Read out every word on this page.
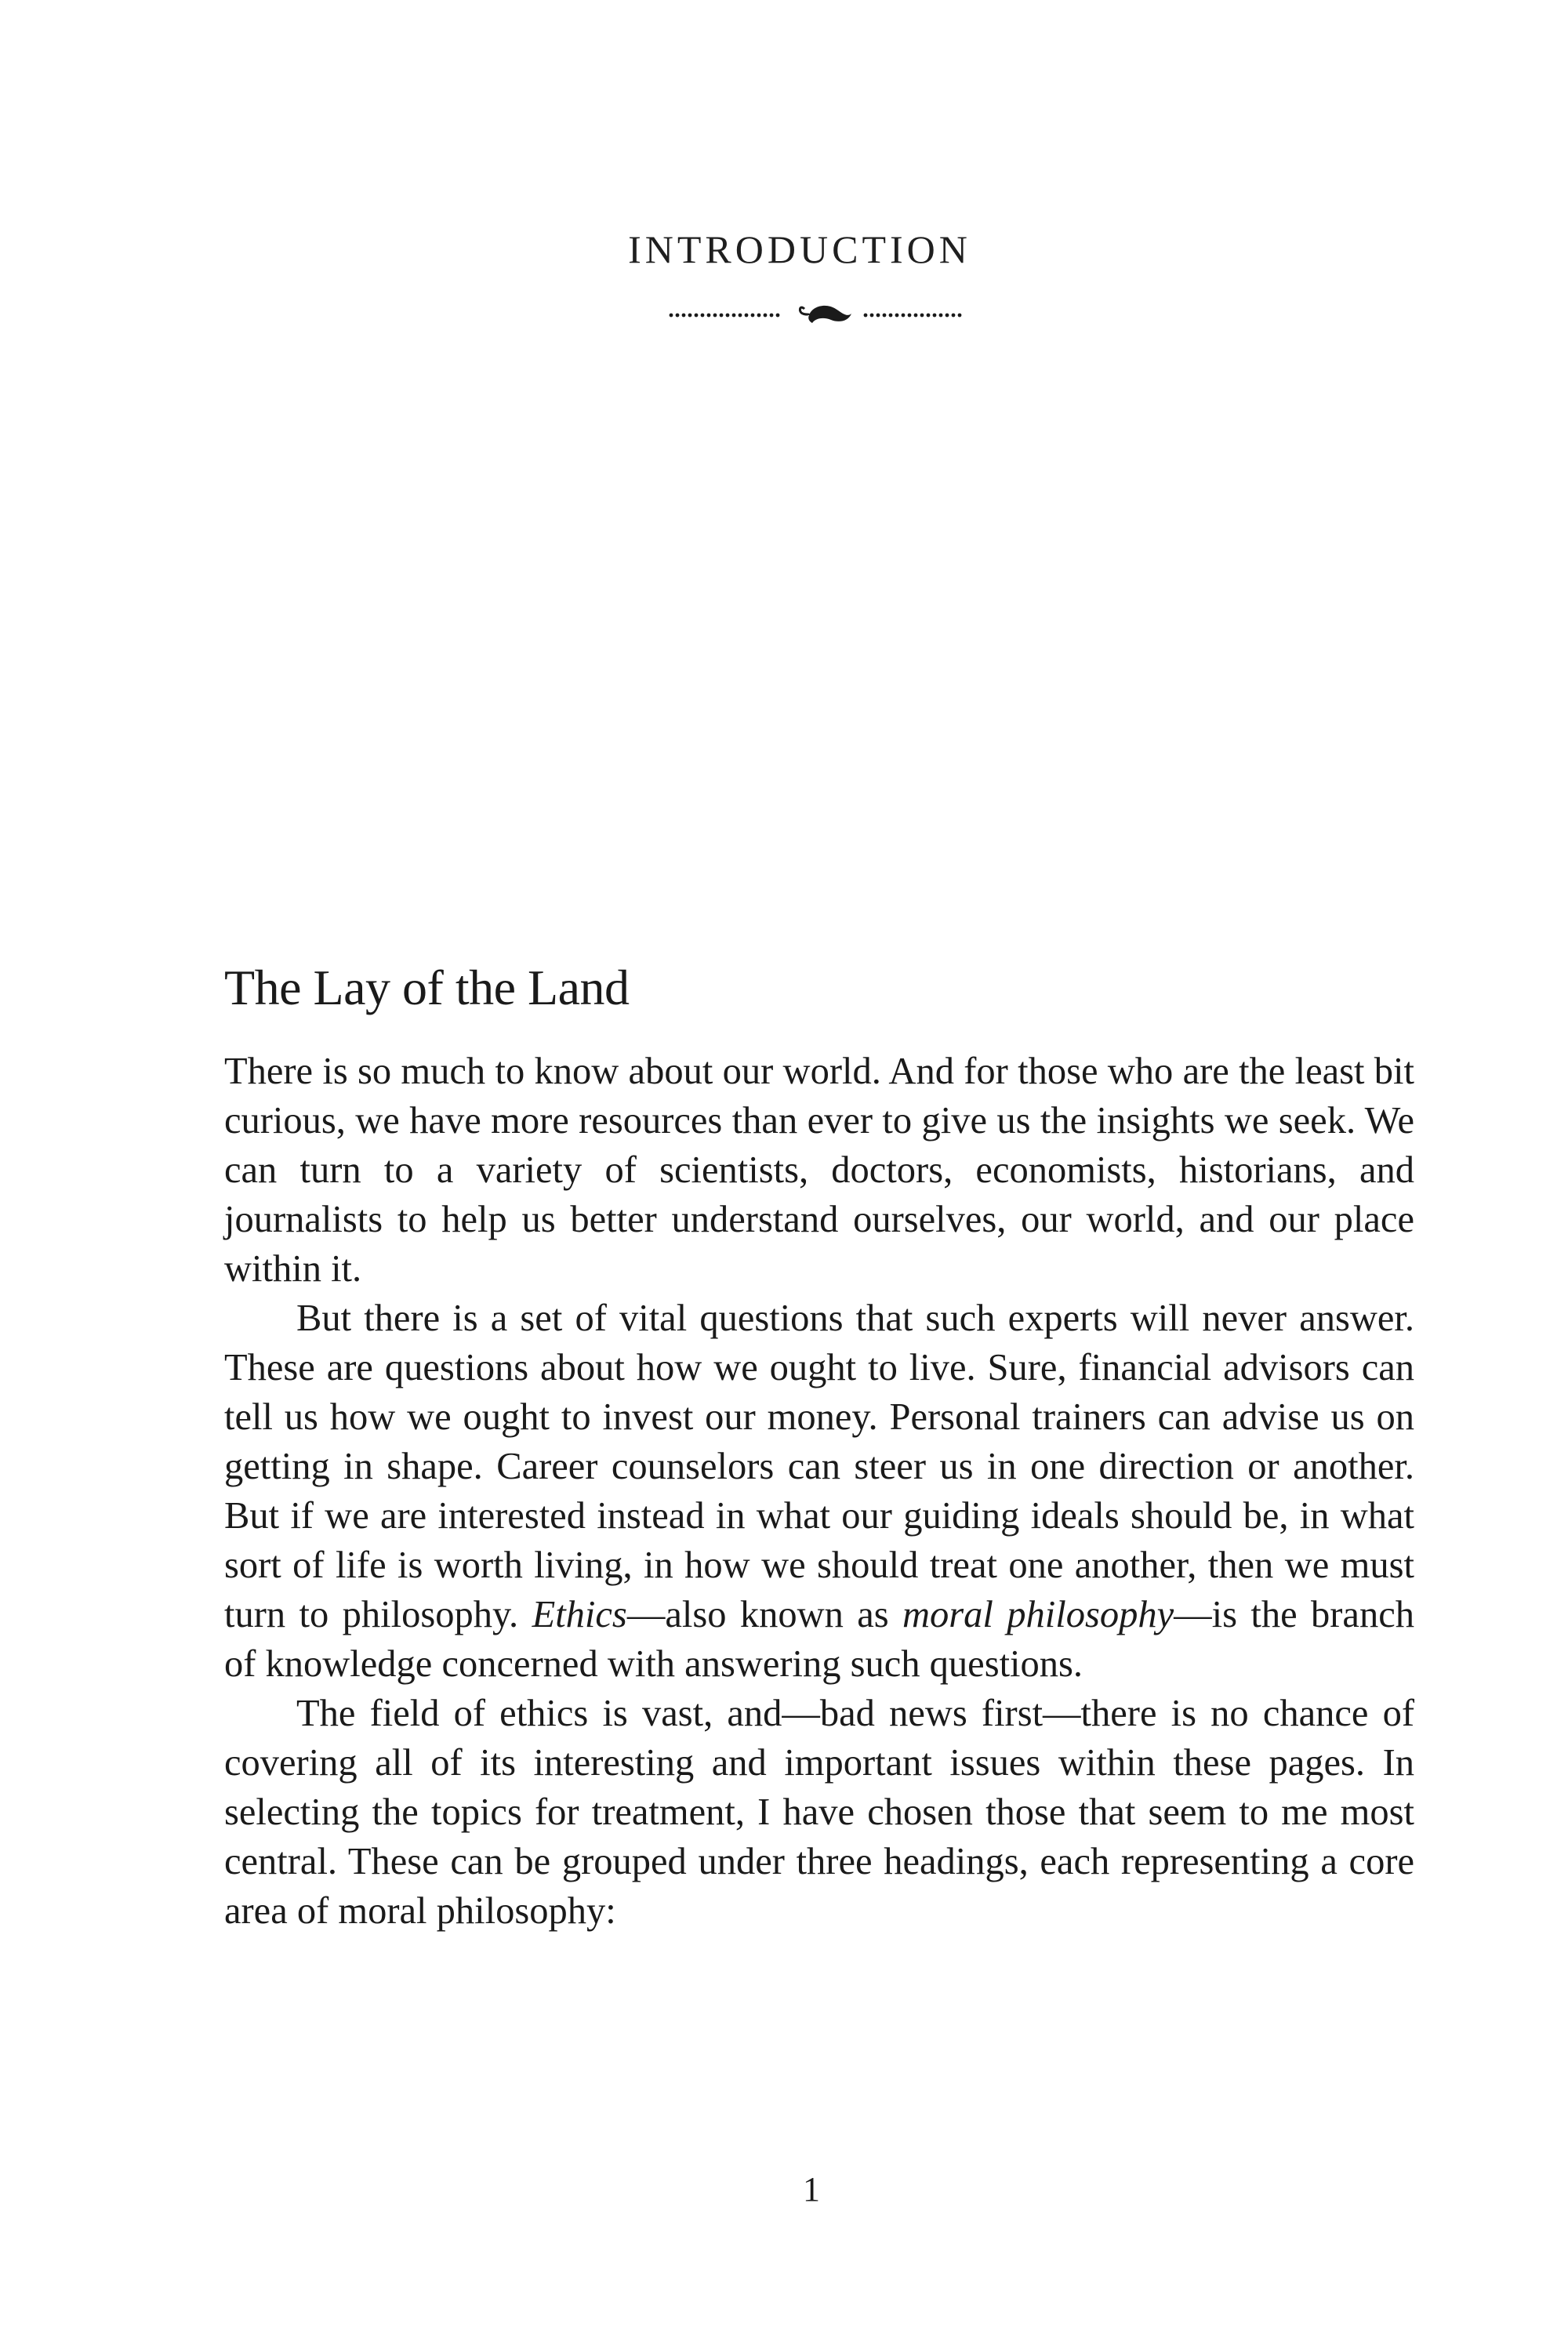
INTRODUCTION
The Lay of the Land

There is so much to know about our world. And for those who are the least bit curious, we have more resources than ever to give us the insights we seek. We can turn to a variety of scientists, doctors, economists, historians, and journalists to help us better understand ourselves, our world, and our place within it.

But there is a set of vital questions that such experts will never answer. These are questions about how we ought to live. Sure, financial advisors can tell us how we ought to invest our money. Personal trainers can advise us on getting in shape. Career counselors can steer us in one direction or another. But if we are interested instead in what our guiding ideals should be, in what sort of life is worth living, in how we should treat one another, then we must turn to philosophy. Ethics—also known as moral philosophy—is the branch of knowledge concerned with answering such questions.

The field of ethics is vast, and—bad news first—there is no chance of covering all of its interesting and important issues within these pages. In selecting the topics for treatment, I have chosen those that seem to me most central. These can be grouped under three headings, each representing a core area of moral philosophy:

1
